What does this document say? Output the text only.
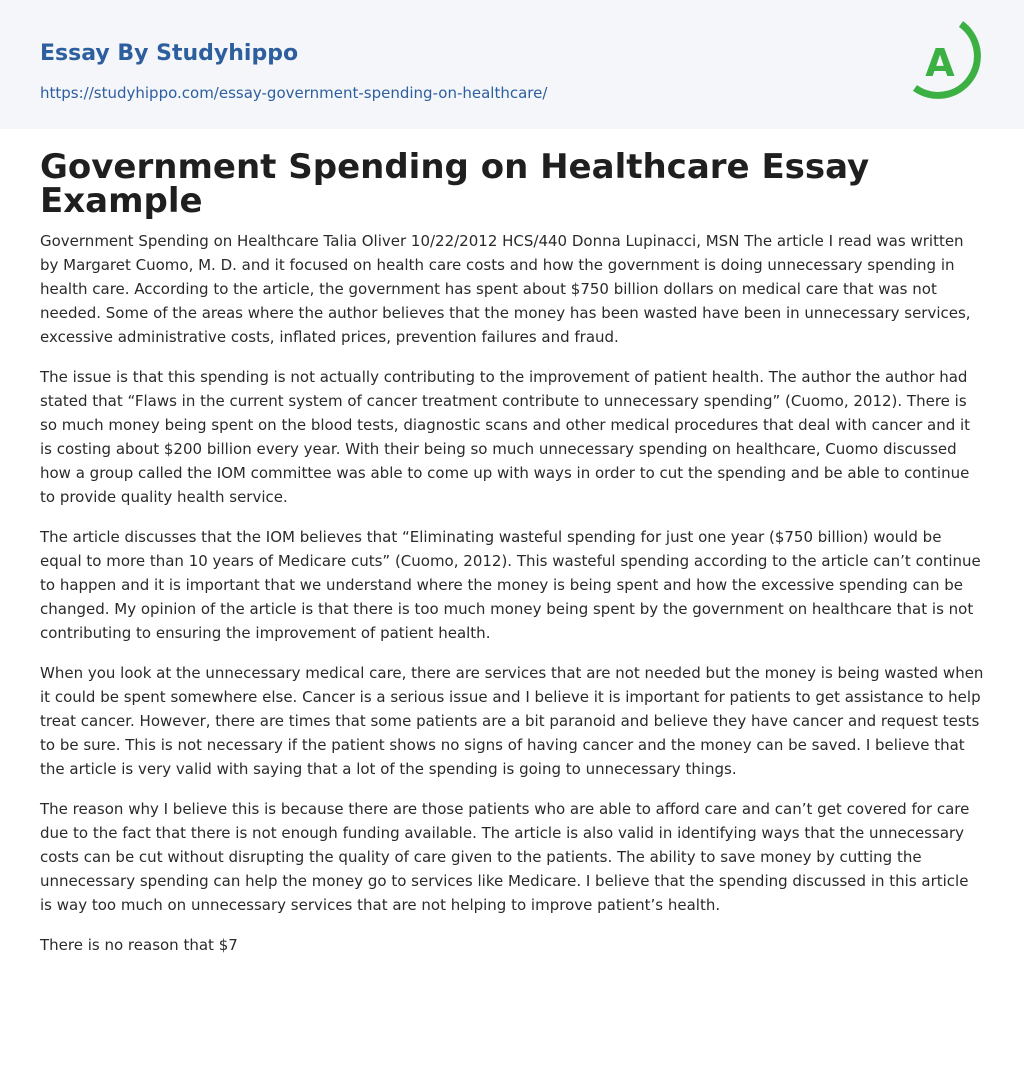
Essay By Studyhippo
https://studyhippo.com/essay-government-spending-on-healthcare/
A
Government Spending on Healthcare Essay Example

Government Spending on Healthcare Talia Oliver 10/22/2012 HCS/440 Donna Lupinacci, MSN The article I read was written by Margaret Cuomo, M. D. and it focused on health care costs and how the government is doing unnecessary spending in health care. According to the article, the government has spent about $750 billion dollars on medical care that was not needed. Some of the areas where the author believes that the money has been wasted have been in unnecessary services, excessive administrative costs, inflated prices, prevention failures and fraud.

The issue is that this spending is not actually contributing to the improvement of patient health. The author the author had stated that “Flaws in the current system of cancer treatment contribute to unnecessary spending” (Cuomo, 2012). There is so much money being spent on the blood tests, diagnostic scans and other medical procedures that deal with cancer and it is costing about $200 billion every year. With their being so much unnecessary spending on healthcare, Cuomo discussed how a group called the IOM committee was able to come up with ways in order to cut the spending and be able to continue to provide quality health service.

The article discusses that the IOM believes that “Eliminating wasteful spending for just one year ($750 billion) would be equal to more than 10 years of Medicare cuts” (Cuomo, 2012). This wasteful spending according to the article can’t continue to happen and it is important that we understand where the money is being spent and how the excessive spending can be changed. My opinion of the article is that there is too much money being spent by the government on healthcare that is not contributing to ensuring the improvement of patient health.

When you look at the unnecessary medical care, there are services that are not needed but the money is being wasted when it could be spent somewhere else. Cancer is a serious issue and I believe it is important for patients to get assistance to help treat cancer. However, there are times that some patients are a bit paranoid and believe they have cancer and request tests to be sure. This is not necessary if the patient shows no signs of having cancer and the money can be saved. I believe that the article is very valid with saying that a lot of the spending is going to unnecessary things.

The reason why I believe this is because there are those patients who are able to afford care and can’t get covered for care due to the fact that there is not enough funding available. The article is also valid in identifying ways that the unnecessary costs can be cut without disrupting the quality of care given to the patients. The ability to save money by cutting the unnecessary spending can help the money go to services like Medicare. I believe that the spending discussed in this article is way too much on unnecessary services that are not helping to improve patient’s health.

There is no reason that $7
